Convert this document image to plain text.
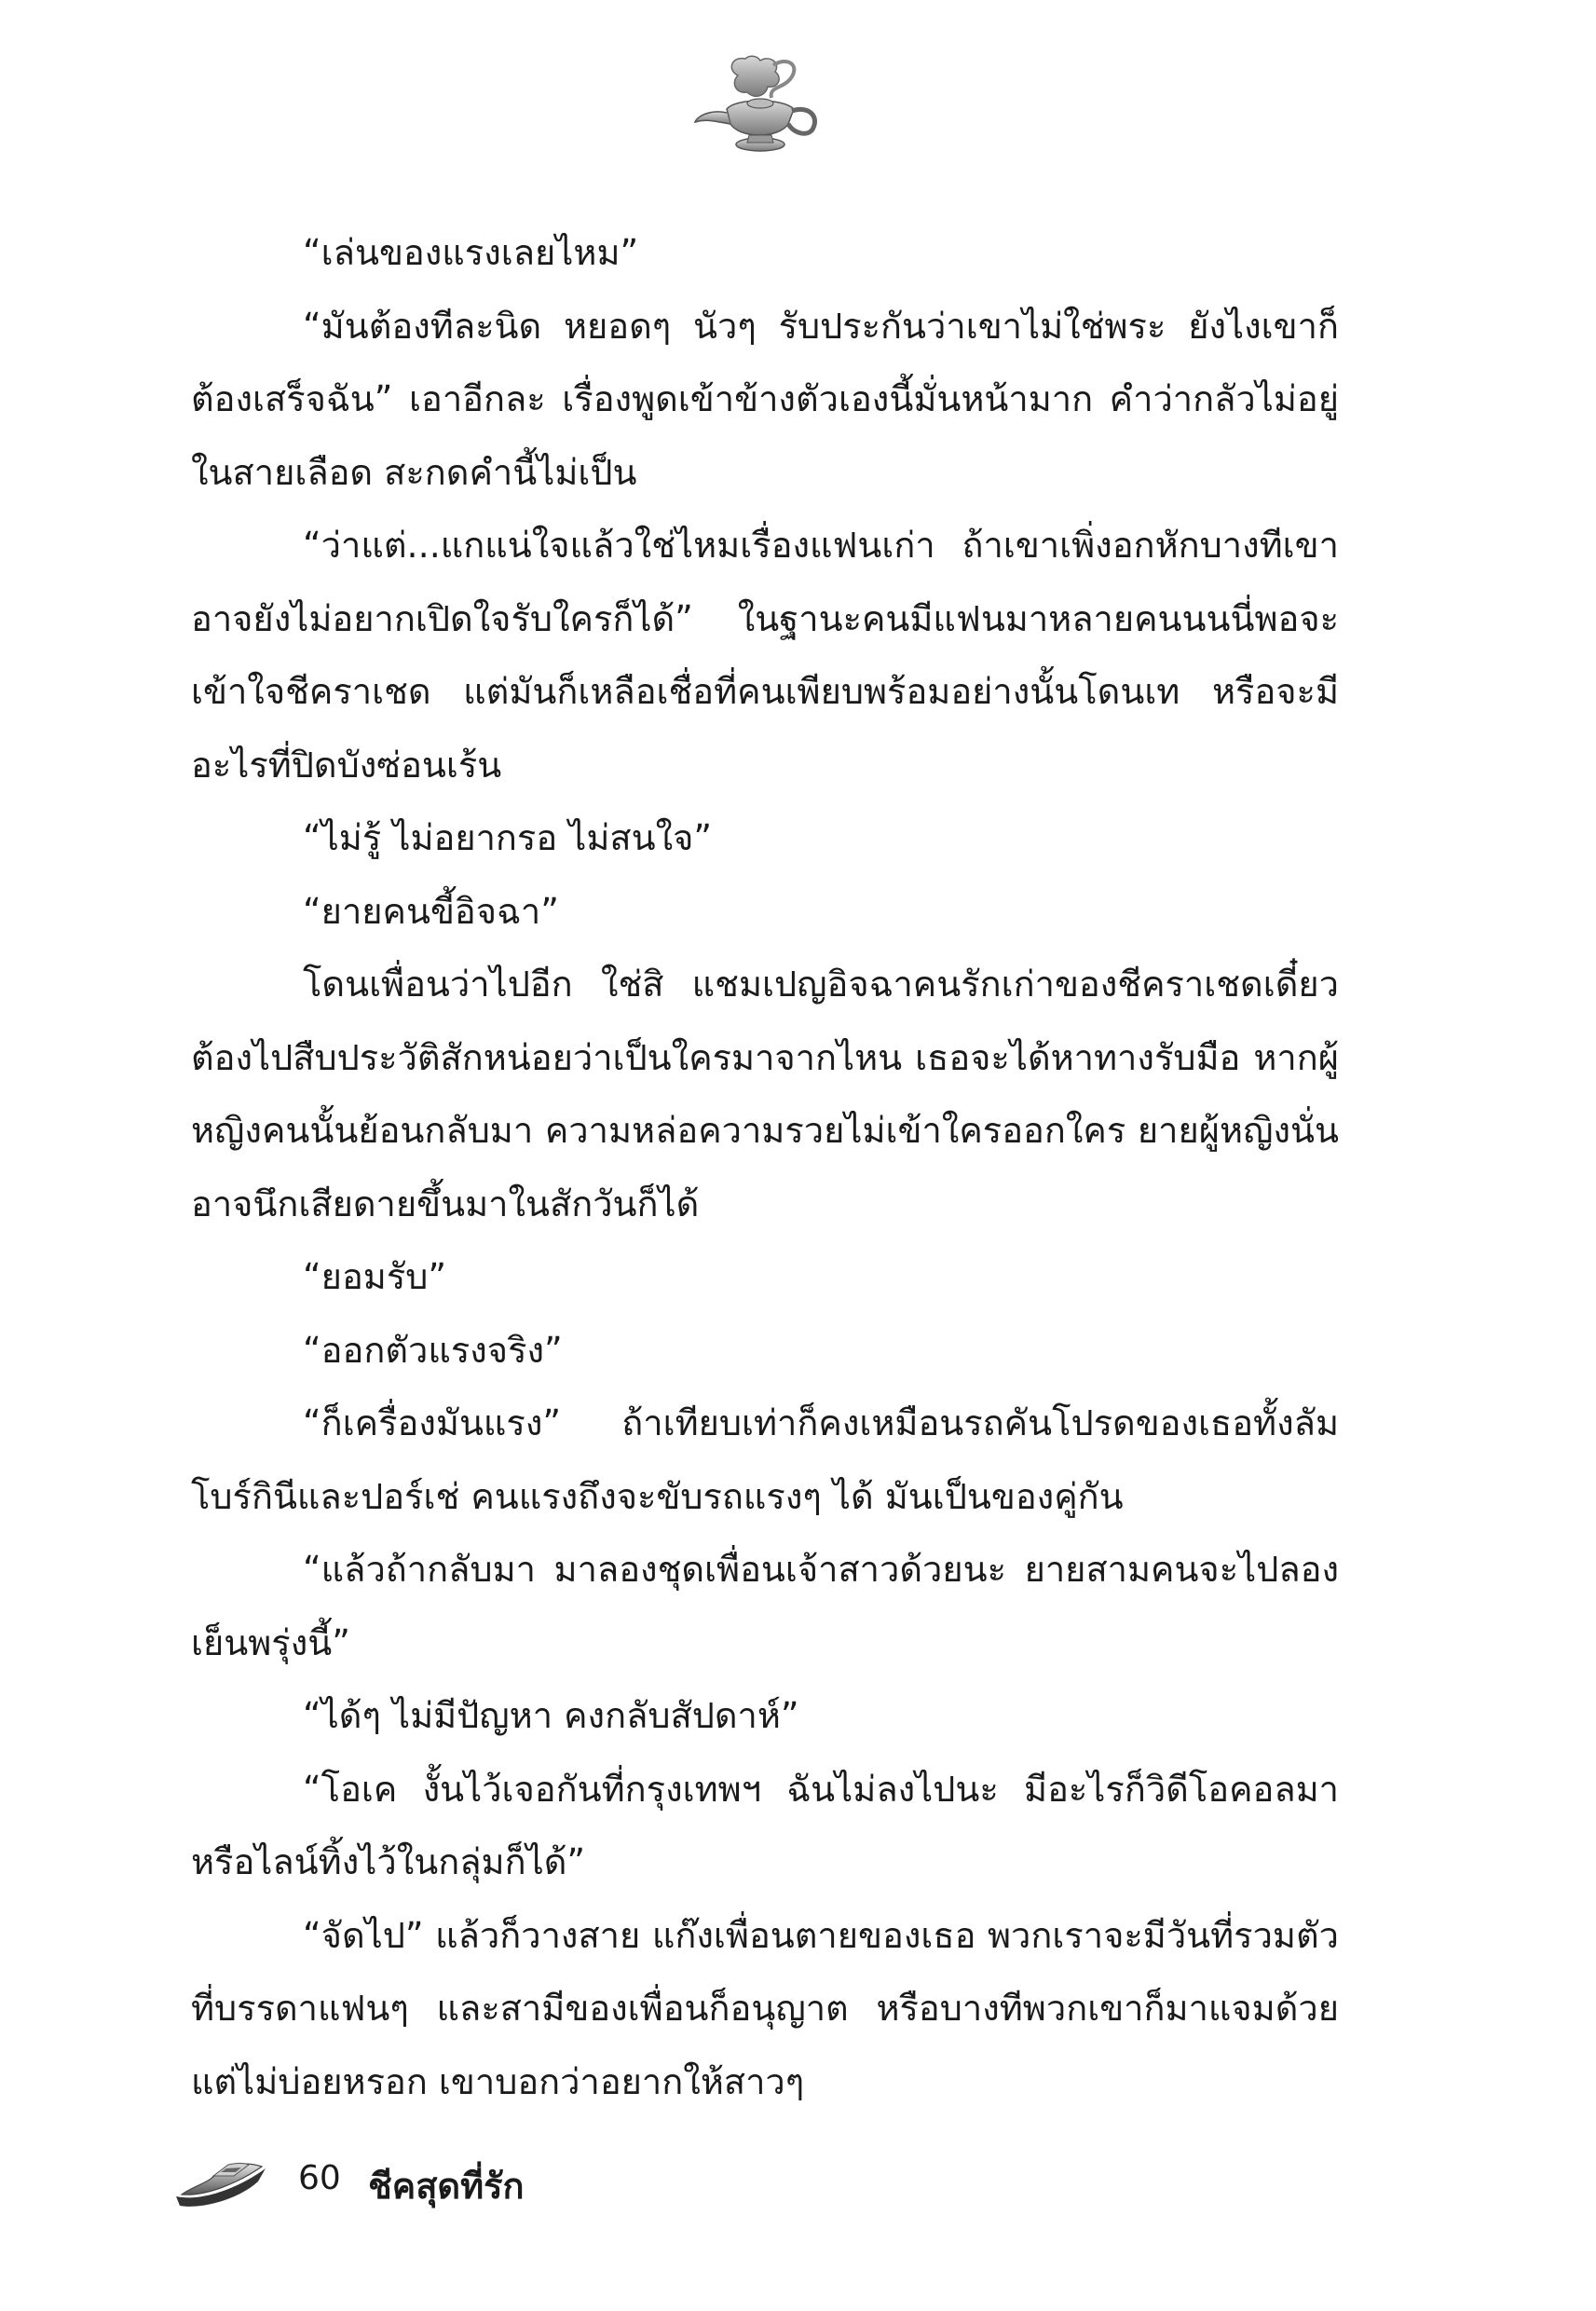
“เล่นของแรงเลยไหม”

“มันต้องทีละนิด หยอดๆ นัวๆ รับประกันว่าเขาไม่ใช่พระ ยังไงเขาก็ต้องเสร็จฉัน” เอาอีกละ เรื่องพูดเข้าข้างตัวเองนี้มั่นหน้ามาก คำว่ากลัวไม่อยู่ในสายเลือด สะกดคำนี้ไม่เป็น

“ว่าแต่...แกแน่ใจแล้วใช่ไหมเรื่องแฟนเก่า ถ้าเขาเพิ่งอกหักบางทีเขาอาจยังไม่อยากเปิดใจรับใครก็ได้” ในฐานะคนมีแฟนมาหลายคนนนนี่พอจะเข้าใจชีคราเชด แต่มันก็เหลือเชื่อที่คนเพียบพร้อมอย่างนั้นโดนเท หรือจะมีอะไรที่ปิดบังซ่อนเร้น

“ไม่รู้ ไม่อยากรอ ไม่สนใจ”

“ยายคนขี้อิจฉา”

โดนเพื่อนว่าไปอีก ใช่สิ แชมเปญอิจฉาคนรักเก่าของชีคราเชดเดี๋ยวต้องไปสืบประวัติสักหน่อยว่าเป็นใครมาจากไหน เธอจะได้หาทางรับมือ หากผู้หญิงคนนั้นย้อนกลับมา ความหล่อความรวยไม่เข้าใครออกใคร ยายผู้หญิงนั่นอาจนึกเสียดายขึ้นมาในสักวันก็ได้

“ยอมรับ”

“ออกตัวแรงจริง”

“ก็เครื่องมันแรง” ถ้าเทียบเท่าก็คงเหมือนรถคันโปรดของเธอทั้งลัมโบร์กินีและปอร์เช่ คนแรงถึงจะขับรถแรงๆ ได้ มันเป็นของคู่กัน

“แล้วถ้ากลับมา มาลองชุดเพื่อนเจ้าสาวด้วยนะ ยายสามคนจะไปลองเย็นพรุ่งนี้”

“ได้ๆ ไม่มีปัญหา คงกลับสัปดาห์”

“โอเค งั้นไว้เจอกันที่กรุงเทพฯ ฉันไม่ลงไปนะ มีอะไรก็วิดีโอคอลมา หรือไลน์ทิ้งไว้ในกลุ่มก็ได้”

“จัดไป” แล้วก็วางสาย แก๊งเพื่อนตายของเธอ พวกเราจะมีวันที่รวมตัวที่บรรดาแฟนๆ และสามีของเพื่อนก็อนุญาต หรือบางทีพวกเขาก็มาแจมด้วย แต่ไม่บ่อยหรอก เขาบอกว่าอยากให้สาวๆ

60 ชีคสุดที่รัก
